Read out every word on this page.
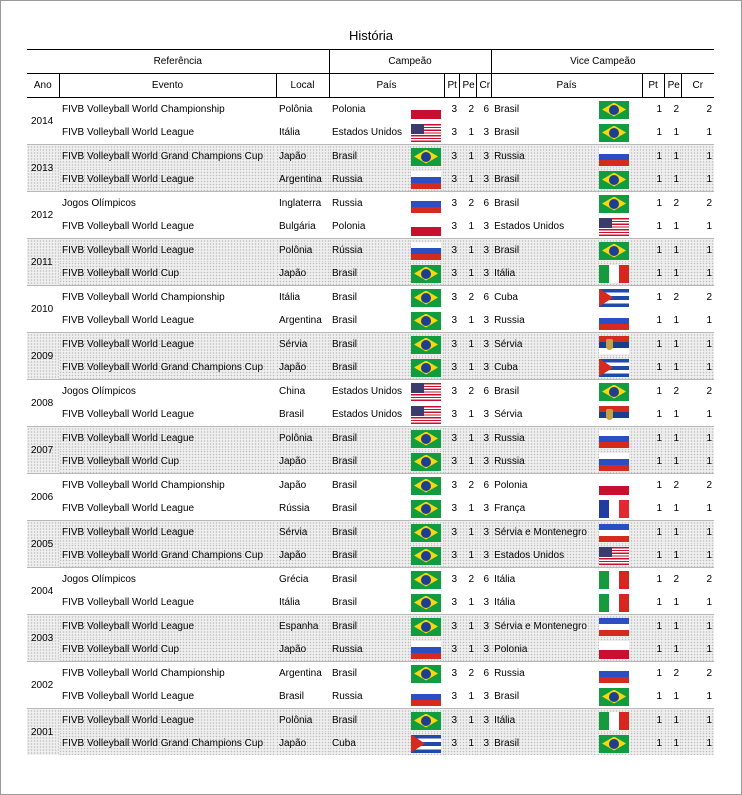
História
Referência			Campeão					Vice Campeão				
Ano	Evento	Local	País		Pt	Pe	Cr	País		Pt	Pe	Cr
2014	FIVB Volleyball World Championship	Polônia	Polonia		3	2	6	Brasil		1	2	2
	FIVB Volleyball World League	Itália	Estados Unidos		3	1	3	Brasil		1	1	1
2013	FIVB Volleyball World Grand Champions Cup	Japão	Brasil		3	1	3	Russia		1	1	1
	FIVB Volleyball World League	Argentina	Russia		3	1	3	Brasil		1	1	1
2012	Jogos Olímpicos	Inglaterra	Russia		3	2	6	Brasil		1	2	2
	FIVB Volleyball World League	Bulgária	Polonia		3	1	3	Estados Unidos		1	1	1
2011	FIVB Volleyball World League	Polônia	Rússia		3	1	3	Brasil		1	1	1
	FIVB Volleyball World Cup	Japão	Brasil		3	1	3	Itália		1	1	1
2010	FIVB Volleyball World Championship	Itália	Brasil		3	2	6	Cuba		1	2	2
	FIVB Volleyball World League	Argentina	Brasil		3	1	3	Russia		1	1	1
2009	FIVB Volleyball World League	Sérvia	Brasil		3	1	3	Sérvia		1	1	1
	FIVB Volleyball World Grand Champions Cup	Japão	Brasil		3	1	3	Cuba		1	1	1
2008	Jogos Olímpicos	China	Estados Unidos		3	2	6	Brasil		1	2	2
	FIVB Volleyball World League	Brasil	Estados Unidos		3	1	3	Sérvia		1	1	1
2007	FIVB Volleyball World League	Polônia	Brasil		3	1	3	Russia		1	1	1
	FIVB Volleyball World Cup	Japão	Brasil		3	1	3	Russia		1	1	1
2006	FIVB Volleyball World Championship	Japão	Brasil		3	2	6	Polonia		1	2	2
	FIVB Volleyball World League	Rússia	Brasil		3	1	3	França		1	1	1
2005	FIVB Volleyball World League	Sérvia	Brasil		3	1	3	Sérvia e Montenegro		1	1	1
	FIVB Volleyball World Grand Champions Cup	Japão	Brasil		3	1	3	Estados Unidos		1	1	1
2004	Jogos Olímpicos	Grécia	Brasil		3	2	6	Itália		1	2	2
	FIVB Volleyball World League	Itália	Brasil		3	1	3	Itália		1	1	1
2003	FIVB Volleyball World League	Espanha	Brasil		3	1	3	Sérvia e Montenegro		1	1	1
	FIVB Volleyball World Cup	Japão	Russia		3	1	3	Polonia		1	1	1
2002	FIVB Volleyball World Championship	Argentina	Brasil		3	2	6	Russia		1	2	2
	FIVB Volleyball World League	Brasil	Russia		3	1	3	Brasil		1	1	1
2001	FIVB Volleyball World League	Polônia	Brasil		3	1	3	Itália		1	1	1
	FIVB Volleyball World Grand Champions Cup	Japão	Cuba		3	1	3	Brasil		1	1	1
